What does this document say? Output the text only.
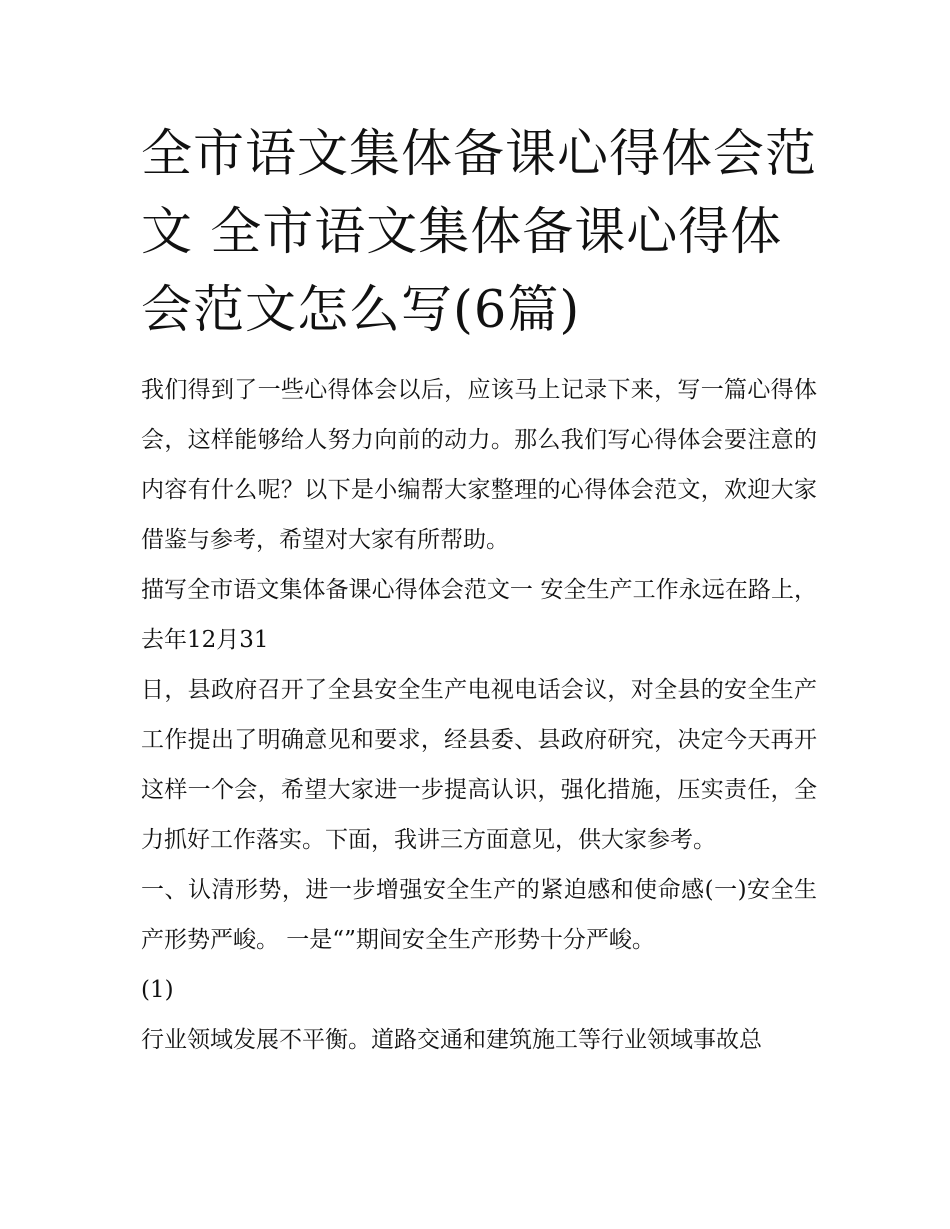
全市语文集体备课心得体会范文 全市语文集体备课心得体会范文怎么写(6篇)

我们得到了一些心得体会以后，应该马上记录下来，写一篇心得体会，这样能够给人努力向前的动力。那么我们写心得体会要注意的内容有什么呢？以下是小编帮大家整理的心得体会范文，欢迎大家借鉴与参考，希望对大家有所帮助。

描写全市语文集体备课心得体会范文一 安全生产工作永远在路上，去年12月31

日，县政府召开了全县安全生产电视电话会议，对全县的安全生产工作提出了明确意见和要求，经县委、县政府研究，决定今天再开这样一个会，希望大家进一步提高认识，强化措施，压实责任，全力抓好工作落实。下面，我讲三方面意见，供大家参考。

一、认清形势，进一步增强安全生产的紧迫感和使命感(一)安全生产形势严峻。 一是“”期间安全生产形势十分严峻。

(1)

行业领域发展不平衡。道路交通和建筑施工等行业领域事故总
